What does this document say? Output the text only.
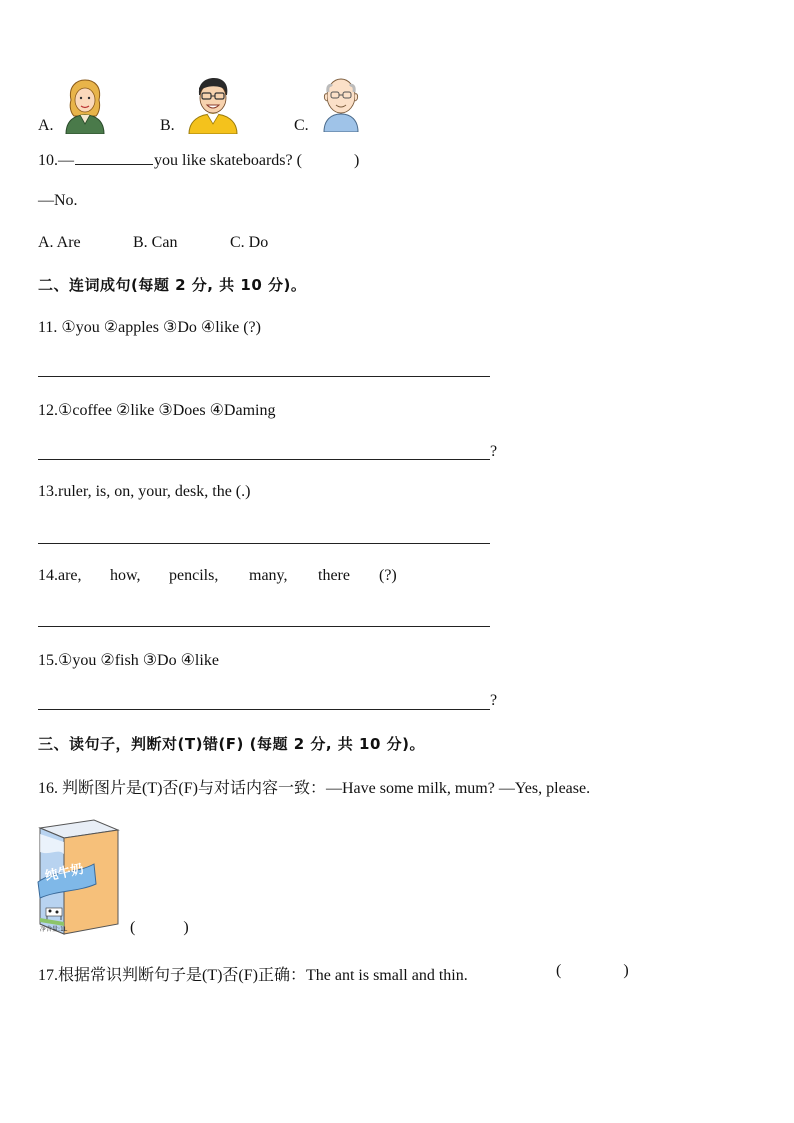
A.	B.	C.
10.—	you like skateboards? (	)
—No.
A. Are	B. Can	C. Do
二、连词成句(每题 2 分, 共 10 分)。
11. ①you ②apples ③Do ④like (?)
12.①coffee ②like ③Does ④Daming
?
13.ruler, is, on, your, desk, the (.)
14.are, how, pencils, many, there (?)
15.①you ②fish ③Do ④like
?
三、读句子，判断对(T)错(F) (每题 2 分, 共 10 分)。
16. 判断图片是(T)否(F)与对话内容一致：—Have some milk, mum? —Yes, please.
纯牛奶
净含量:1L	(	)
17.根据常识判断句子是(T)否(F)正确：The ant is small and thin.	(	)
